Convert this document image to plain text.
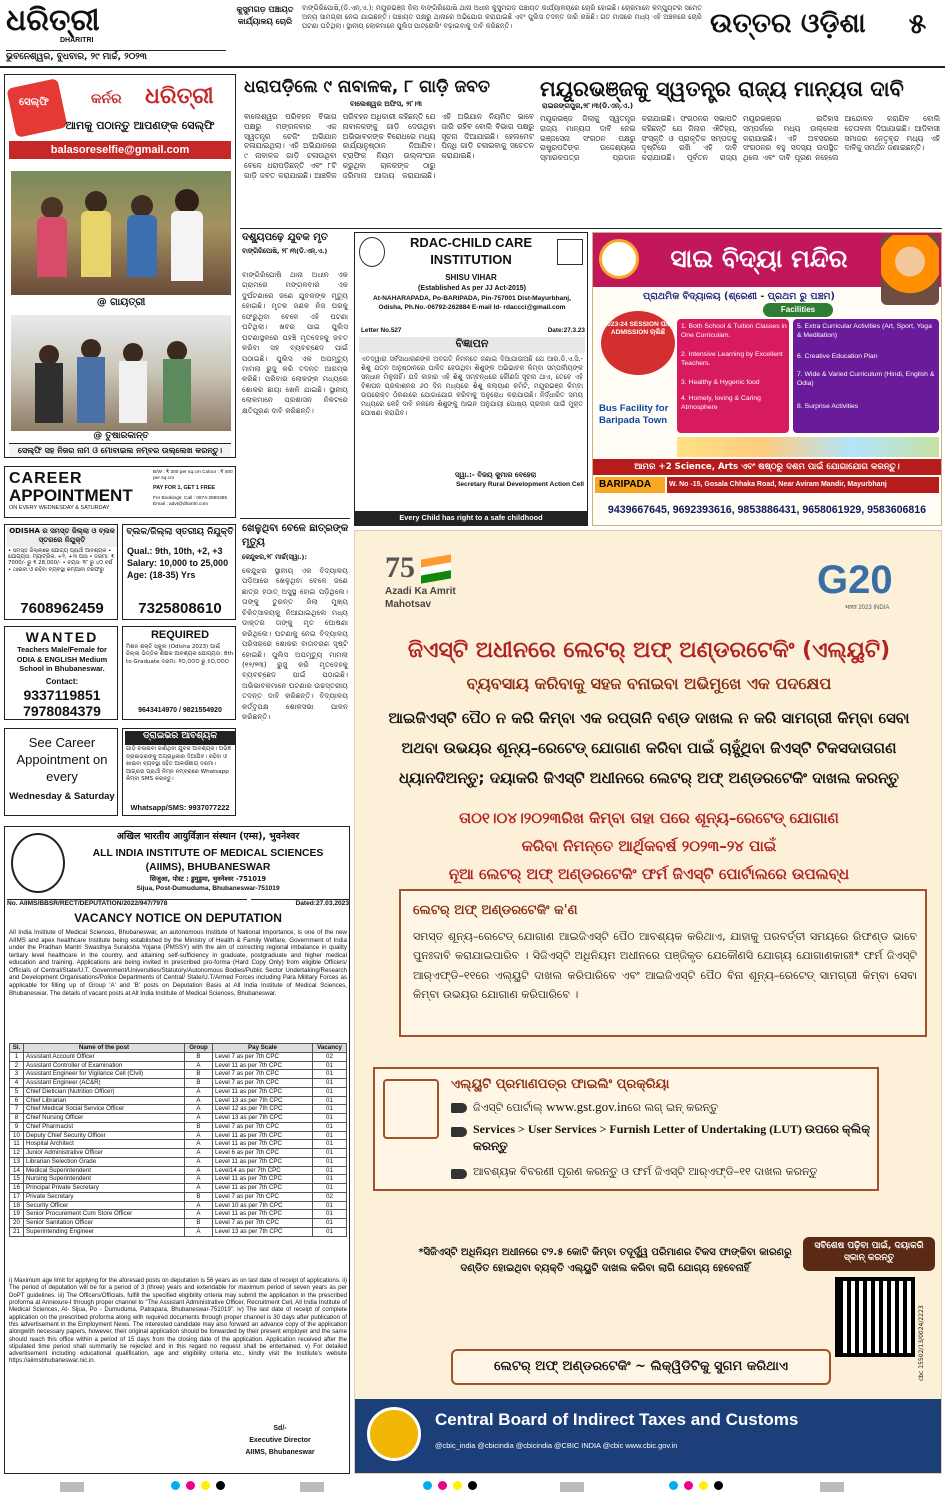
ଧରିତ୍ରୀ
DHARITRI
ଭୁବନେଶ୍ୱର, ବୁଧବାର, ୨୯ ମାର୍ଚ୍ଚ, ୨୦୨୩
କୁସୁମଗଡ଼ ପଞ୍ଚାୟତ କାର୍ଯ୍ୟାଳୟ ଚୋରି
ବାଙ୍ଗିରିପୋଷି,(ଡି.ଏନ୍.ଏ.): ମୟୂରଭଞ୍ଜ ଜିଲା ବାଙ୍ଗିରିପୋଷି ଥାନା ଅଧୀନ କୁସୁମଗଡ଼ ପଞ୍ଚାୟତ କାର୍ଯ୍ୟାଳୟରେ ଚୋରି ହୋଇଛି। ଚୋରମାନେ କମ୍ପ୍ୟୁଟର ସମେତ ଅନ୍ୟ ସାମଗ୍ରୀ ନେଇ ଯାଇଛନ୍ତି। ପଞ୍ଚାୟତ ପକ୍ଷରୁ ଥାନାରେ ଅଭିଯୋଗ କରାଯାଇଛି ଏବଂ ପୁଲିସ ତଦନ୍ତ ଜାରି ରଖିଛି। ଗତ ମାସରେ ମଧ୍ୟ ଏହି ଅଞ୍ଚଳରେ ଚୋରି ଘଟଣା ଘଟିଥିଲା। ସ୍ଥାନୀୟ ଲୋକମାନେ ପୁଲିସ ପାଟ୍ରୋଲିଂ ବଢ଼ାଇବାକୁ ଦାବି କରିଛନ୍ତି।	ଉତ୍ତର ଓଡ଼ିଶା	୫
ସେଲ୍ଫି	କର୍ନର	ଧରିତ୍ରୀ
ଆମକୁ ପଠାନ୍ତୁ ଆପଣଙ୍କ ସେଲ୍ଫି
balasoreselfie@gmail.com
@ ଗାୟତ୍ରୀ
@ ତୁଷାରକାନ୍ତ
ସେଲ୍ଫି ସହ ନିଜର ନାମ ଓ ମୋବାଇଲ ନମ୍ବର ଉଲ୍ଲେଖ କରନ୍ତୁ।
CAREER
APPOINTMENT
ON EVERY WEDNESDAY & SATURDAY
B/W : ₹ 300 per sq.cm Colour : ₹ 400 per sq.cm
PAY FOR 1, GET 1 FREE
For Bookings: Call : 0674-2580385 Email : advt@dharitri.com
ODISHA ର ସମସ୍ତ ଜିଲ୍ଲା ଓ ବ୍ଲକ ସ୍ତରରେ ନିଯୁକ୍ତି
• ସମସ୍ତ ଜିଲ୍ଲାରେ ଯୋଗ୍ୟ ପ୍ରାର୍ଥୀ ଆବଶ୍ୟକ • ଯୋଗ୍ୟତା: ମ୍ୟାଟ୍ରିକ, +୨, +୩ ପାସ • ଦରମା: ₹ 7000/- ରୁ ₹ 28,000/- • ବୟସ: ୧୮ ରୁ ୪୦ ବର୍ଷ • ଥାଇବା ଓ ରହିବା ବ୍ୟବସ୍ଥା କମ୍ପାନୀ ତରଫରୁ
7608962459
ବ୍ଲକ/ଜିଲ୍ଲା ସ୍ତରୀୟ ନିଯୁକ୍ତି
Qual.: 9th, 10th, +2, +3 Salary: 10,000 to 25,000 Age: (18-35) Yrs
7325808610
WANTED
Teachers Male/Female for ODIA & ENGLISH Medium School in Bhubaneswar.
Contact:
9337119851
7978084379
REQUIRED
ମିଶନ ଶକ୍ତି ସ୍କୁଲ (Odisha 2023) ପାଇଁ ଜିଲ୍ଲା ଭିତ୍ତିକ ଶିକ୍ଷକ ଆବଶ୍ୟକ ଯୋଗ୍ୟତା: 8th to Graduate ଦରମା: ୧୦,୦୦୦ ରୁ ୫୦,୦୦୦
9643414970 / 9821554920
See Career Appointment on every
Wednesday & Saturday
ଡ୍ରାଇଭର ଆବଶ୍ୟକ
ଗାଡ଼ି ଚଳାଇବା ଜାଣିଥିବା ଯୁବକ ଆବଶ୍ୟକ। ଅଭିଜ୍ଞ ଡ୍ରାଇଭରଙ୍କୁ ଅଗ୍ରାଧିକାର ଦିଆଯିବ। ରହିବା ଓ ଖାଇବା ବ୍ୟବସ୍ଥା ସହିତ ଆକର୍ଷଣୀୟ ଦରମା। ଆଗ୍ରହୀ ପ୍ରାର୍ଥୀ ନିମ୍ନ ନମ୍ବରରେ Whatsapp କିମ୍ବା SMS କରନ୍ତୁ।
Whatsapp/SMS: 9937077222
ଧରାପଡ଼ିଲେ ୯ ନାବାଳକ, ୮ ଗାଡ଼ି ଜବତ
ବାଲେଶ୍ୱର ଅଫିସ, ୨୮।୩
ବାଲେଶ୍ୱର ପରିବହନ ବିଭାଗ ପକ୍ଷରୁ ମଙ୍ଗଳବାର ଏକ ସ୍ୱତନ୍ତ୍ର ଚେକିଂ ଅଭିଯାନ ଚଳାଯାଇଥିଲା। ଏହି ଅଭିଯାନରେ ୯ ନାବାଳକ ଗାଡ଼ି ଚଳାଉଥିବା ବେଳେ ଧରାପଡ଼ିଛନ୍ତି ଏବଂ ୮ଟି ଗାଡ଼ି ଜବତ କରାଯାଇଛି। ଆଞ୍ଚଳିକ ପରିବହନ ଅଧିକାରୀ କହିଛନ୍ତି ଯେ ନାବାଳକଙ୍କୁ ଗାଡ଼ି ଦେଉଥିବା ଅଭିଭାବକଙ୍କ ବିରୋଧରେ ମଧ୍ୟ କାର୍ଯ୍ୟାନୁଷ୍ଠାନ ନିଆଯିବ। ଟ୍ରାଫିକ ନିୟମ ଉଲ୍ଲଂଘନ କରୁଥିବା ଚାଳକଙ୍କ ଠାରୁ ଜରିମାନା ଆଦାୟ କରାଯାଇଛି। ଏହି ଅଭିଯାନ ନିୟମିତ ଭାବେ ଜାରି ରହିବ ବୋଲି ବିଭାଗ ପକ୍ଷରୁ ସୂଚନା ଦିଆଯାଇଛି। ହେଲମେଟ ପିନ୍ଧି ଗାଡ଼ି ଚଳାଇବାକୁ ସଚେତନ କରାଯାଇଛି।
ମୟୂରଭଞ୍ଜକୁ ସ୍ୱତନ୍ତ୍ର ରାଜ୍ୟ ମାନ୍ୟତା ଦାବି
ରାଇରଙ୍ଗପୁର,୨୮।୩(ଡି.ଏନ୍.ଏ.)
ମୟୂରଭଞ୍ଜ ଜିଲାକୁ ସ୍ୱତନ୍ତ୍ର ରାଜ୍ୟ ମାନ୍ୟତା ଦାବି ନେଇ ଭଞ୍ଜସେନା ସଂଗଠନ ପକ୍ଷରୁ ରାଷ୍ଟ୍ରପତିଙ୍କ ଉଦ୍ଦେଶ୍ୟରେ ସ୍ମାରକପତ୍ର ପ୍ରଦାନ କରାଯାଇଛି। ସଂଗଠନର ସଭାପତି କହିଛନ୍ତି ଯେ ଜିଲାର ଐତିହ୍ୟ, ସଂସ୍କୃତି ଓ ପ୍ରାକୃତିକ ସମ୍ପଦକୁ ଦୃଷ୍ଟିରେ ରଖି ଏହି ଦାବି କରାଯାଉଛି। ପୂର୍ବତନ ରାଜ୍ୟ ମୟୂରଭଞ୍ଜର ଇତିହାସ ସମ୍ପର୍କରେ ମଧ୍ୟ ଉଲ୍ଲେଖ କରାଯାଇଛି। ଏହି ଅବସରରେ ସଂଗଠନର ବହୁ ସଦସ୍ୟ ଉପସ୍ଥିତ ଥିଲେ ଏବଂ ଦାବି ପୂରଣ ନହେଲେ ଆନ୍ଦୋଳନ କରାଯିବ ବୋଲି ଚେତାବନୀ ଦିଆଯାଇଛି। ଆଦିବାସୀ ସମାଜର ନେତୃବୃନ୍ଦ ମଧ୍ୟ ଏହି ଦାବିକୁ ସମର୍ଥନ ଜଣାଇଛନ୍ତି।
ଦଶ୍ୟୁପଢ଼େ ଯୁବକ ମୃତ
ବାଙ୍ଗିରିପୋଷି, ୨୮।୩(ଡି.ଏନ୍.ଏ.)
ବାଙ୍ଗିରିପୋଷି ଥାନା ଅଧୀନ ଏକ ଗ୍ରାମରେ ମଙ୍ଗଳବାର ଏକ ଦୁର୍ଘଟଣାରେ ଜଣେ ଯୁବକଙ୍କ ମୃତ୍ୟୁ ହୋଇଛି। ମୃତକ ଜଣକ ନିଜ ଘରକୁ ଫେରୁଥିବା ବେଳେ ଏହି ଘଟଣା ଘଟିଥିଲା। ଖବର ପାଇ ପୁଲିସ ଘଟଣାସ୍ଥଳରେ ପହଞ୍ଚି ମୃତଦେହକୁ ଜବତ କରିବା ସହ ବ୍ୟବଚ୍ଛେଦ ପାଇଁ ପଠାଇଛି। ପୁଲିସ ଏକ ଅପମୃତ୍ୟୁ ମାମଲା ରୁଜୁ କରି ତଦନ୍ତ ଆରମ୍ଭ କରିଛି। ପରିବାର ଲୋକଙ୍କ ମଧ୍ୟରେ ଶୋକର ଛାୟା ଖେଳି ଯାଇଛି। ସ୍ଥାନୀୟ ଲୋକମାନେ ପ୍ରଶାସନ ନିକଟରେ କ୍ଷତିପୂରଣ ଦାବି କରିଛନ୍ତି।
ଖେଳୁଥିବା ବେଳେ ଛାତ୍ରଙ୍କ ମୃତ୍ୟୁ
କେନ୍ଦୁଝର,୨୮ ମାର୍ଚ୍ଚ(ସ୍ୱା.):
କେନ୍ଦୁଝର ସ୍ଥାନୀୟ ଏକ ବିଦ୍ୟାଳୟ ପଡ଼ିଆରେ ଖେଳୁଥିବା ବେଳେ ଜଣେ ଛାତ୍ର ହଠାତ୍ ଅସୁସ୍ଥ ହୋଇ ପଡ଼ିଥିଲେ। ତାଙ୍କୁ ତୁରନ୍ତ ଜିଲା ମୁଖ୍ୟ ଚିକିତ୍ସାଳୟକୁ ନିଆଯାଇଥିଲେ ମଧ୍ୟ ଡାକ୍ତର ତାଙ୍କୁ ମୃତ ଘୋଷଣା କରିଥିଲେ। ଘଟଣାକୁ ନେଇ ବିଦ୍ୟାଳୟ ପରିସରରେ ଶୋକର ବାତାବରଣ ସୃଷ୍ଟି ହୋଇଛି। ପୁଲିସ ଅପମୃତ୍ୟୁ ମାମଲା (୧୨/୨୩) ରୁଜୁ କରି ମୃତଦେହକୁ ବ୍ୟବଚ୍ଛେଦ ପାଇଁ ପଠାଇଛି। ଅଭିଭାବକମାନେ ଘଟଣାର ଉଚ୍ଚସ୍ତରୀୟ ତଦନ୍ତ ଦାବି କରିଛନ୍ତି। ବିଦ୍ୟାଳୟ କର୍ତ୍ତୃପକ୍ଷ ଶୋକସଭା ପାଳନ କରିଛନ୍ତି।
RDAC-CHILD CARE INSTITUTION
SHISU VIHAR
(Established As per JJ Act-2015)
At-NAHARAPADA, Po-BARIPADA, Pin-757001 Dist-Mayurbhanj, Odisha, Ph.No.-06792-262884 E-mail Id- rdaccci@gmail.com
Letter No.527	Date:27.3.23
ବିଜ୍ଞାପନ
ଏତଦ୍ୱାରା ସର୍ବସାଧାରଣଙ୍କ ଅବଗତି ନିମନ୍ତେ ଜଣାଇ ଦିଆଯାଉଅଛି ଯେ ଆର.ଡି.ଏ.ସି.-ଶିଶୁ ଯତ୍ନ ଅନୁଷ୍ଠାନରେ ପାଳିତ ହେଉଥିବା ଶିଶୁଙ୍କ ଅଭିଭାବକ କିମ୍ବା ସମ୍ପର୍କୀୟଙ୍କ ସନ୍ଧାନ ମିଳୁନାହିଁ। ଯଦି କାହାର ଏହି ଶିଶୁ ସମ୍ବନ୍ଧରେ କୌଣସି ସୂଚନା ଥାଏ, ତେବେ ଏହି ବିଜ୍ଞାପନ ପ୍ରକାଶନର ୬୦ ଦିନ ମଧ୍ୟରେ ଶିଶୁ କଲ୍ୟାଣ କମିଟି, ମୟୂରଭଞ୍ଜ କିମ୍ବା ଉପରୋକ୍ତ ଠିକଣାରେ ଯୋଗାଯୋଗ କରିବାକୁ ଅନୁରୋଧ କରାଯାଉଛି। ନିର୍ଦ୍ଧାରିତ ସମୟ ମଧ୍ୟରେ କେହି ଦାବି ନକଲେ ଶିଶୁଙ୍କୁ ଆଇନ ଅନୁଯାୟୀ ପୋଷ୍ୟ ପ୍ରଦାନ ପାଇଁ ମୁକ୍ତ ଘୋଷଣା କରାଯିବ।
ସ୍ୱା.:- ବିଜୟ କୁମାର ବେହେରା
Secretary Rural Development Action Cell
Every Child has right to a safe childhood
ସାଇ ବିଦ୍ୟା ମନ୍ଦିର
ପ୍ରାଥମିକ ବିଦ୍ୟାଳୟ (ଶ୍ରେଣୀ - ପ୍ରଥମ ରୁ ପଞ୍ଚମ)
2023-24 SESSION ପାଇଁ ADMISSION ଚାଲିଛି
Facilities
1. Both School & Tuition Classes in One Curriculam.
2. Intensive Learning by Excellent Teachers.
3. Healthy & Hygenic food
4. Homely, loving & Caring Atmosphere
5. Extra Curricular Activities (Art, Sport, Yoga & Meditation)
6. Creative Education Plan
7. Wide & Varied Curriculum (Hindi, English & Odia)
8. Surprise Activities
Bus Facility for Baripada Town
ଆମର +2 Science, Arts ଏବଂ ଷଷ୍ଠରୁ ଦଶମ ପାଇଁ ଯୋଗାଯୋଗ କରନ୍ତୁ।
BARIPADA	W. No -15, Gosala Chhaka Road, Near Aviram Mandir, Mayurbhanj
9439667645, 9692393616, 9853886431, 9658061929, 9583606816
75
Azadi Ka Amrit Mahotsav
G20
भारत 2023 INDIA
ଜିଏସ୍‌ଟି ଅଧୀନରେ ଲେଟର୍ ଅଫ୍ ଅଣ୍ଡରଟେକିଂ (ଏଲ୍‌ୟୁଟି)
ବ୍ୟବସାୟ କରିବାକୁ ସହଜ ବନାଇବା ଅଭିମୁଖେ ଏକ ପଦକ୍ଷେପ
ଆଇଜିଏସ୍‌ଟି ପୈଠ ନ କରି କିମ୍ବା ଏକ ରପ୍ତାନି ବଣ୍ଡ ଦାଖଲ ନ କରି ସାମଗ୍ରୀ କିମ୍ବା ସେବା
ଅଥବା ଉଭୟର ଶୂନ୍ୟ–ରେଟେଡ୍ ଯୋଗାଣ କରିବା ପାଇଁ ଚାହୁଁଥିବା ଜିଏସ୍‌ଟି ଟିକସଦାତାଗଣ
ଧ୍ୟାନଦିଅନ୍ତୁ; ଦୟାକରି ଜିଏସ୍‌ଟି ଅଧୀନରେ ଲେଟର୍ ଅଫ୍ ଅଣ୍ଡରଟେକିଂ ଦାଖଲ କରନ୍ତୁ
ତା୦୧।୦୪।୨୦୨୩ରିଖ କିମ୍ବା ତାହା ପରେ ଶୂନ୍ୟ–ରେଟେଡ୍ ଯୋଗାଣ
କରିବା ନିମନ୍ତେ ଆର୍ଥିକବର୍ଷ ୨୦୨୩–୨୪ ପାଇଁ
ନୂଆ ଲେଟର୍ ଅଫ୍ ଅଣ୍ଡରଟେକିଂ ଫର୍ମ ଜିଏସ୍‌ଟି ପୋର୍ଟାଲରେ ଉପଲବ୍ଧ
ଲେଟର୍ ଅଫ୍ ଅଣ୍ଡରଟେକିଂ କ'ଣ
ସମସ୍ତ ଶୂନ୍ୟ–ରେଟେଡ୍ ଯୋଗାଣ ଆଇଜିଏସ୍‌ଟି ପୈଠ ଆବଶ୍ୟକ କରିଥାଏ, ଯାହାକୁ ପରବର୍ତ୍ତୀ ସମୟରେ ରିଫଣ୍ଡ ଭାବେ ପୁନଃଦାବି କରାଯାଇପାରିବ । ସିଜିଏସ୍‌ଟି ଅଧିନିୟମ ଅଧୀନରେ ପଞ୍ଜିକୃତ ଯେକୌଣସି ଯୋଗ୍ୟ ଯୋଗାଣକାରୀ* ଫର୍ମ ଜିଏସ୍‌ଟି ଆର୍‌ଏଫ୍‌ଡି–୧୧ରେ ଏଲ୍‌ୟୁଟି ଦାଖଲ କରିପାରିବେ ଏବଂ ଆଇଜିଏସ୍‌ଟି ପୈଠ ବିନା ଶୂନ୍ୟ–ରେଟେଡ୍ ସାମଗ୍ରୀ କିମ୍ବା ସେବା କିମ୍ବା ଉଭୟର ଯୋଗାଣ କରିପାରିବେ ।
ଏଲ୍‌ୟୁଟି ପ୍ରମାଣପତ୍ର ଫାଇଲିଂ ପ୍ରକ୍ରିୟା
ଜିଏସ୍‌ଟି ପୋର୍ଟାଲ୍ www.gst.gov.inରେ ଲଗ୍ ଇନ୍ କରନ୍ତୁ
Services > User Services > Furnish Letter of Undertaking (LUT) ଉପରେ କ୍ଲିକ୍ କରନ୍ତୁ
ଆବଶ୍ୟକ ବିବରଣୀ ପୂରଣ କରନ୍ତୁ ଓ ଫର୍ମ ଜିଏସ୍‌ଟି ଆର୍‌ଏଫ୍‌ଡି–୧୧ ଦାଖଲ କରନ୍ତୁ
ସବିଶେଷ ପଢ଼ିବା ପାଇଁ, ଦୟାକରି ସ୍କାନ୍ କରନ୍ତୁ
*ସିଜିଏସ୍‌ଟି ଅଧିନିୟମ ଅଧୀନରେ ଟ୨.୫ କୋଟି କିମ୍ବା ତଦୂର୍ଦ୍ଧ୍ୱ ପରିମାଣର ଟିକସ ଫାଙ୍କିବା କାରଣରୁ ଦଣ୍ଡିତ ହୋଇଥିବା ବ୍ୟକ୍ତି ଏଲ୍‌ୟୁଟି ଦାଖଲ କରିବା ଲାଗି ଯୋଗ୍ୟ ହେବେନାହିଁ
ଲେଟର୍ ଅଫ୍ ଅଣ୍ଡରଟେକିଂ ~ ଲିକ୍ୱିଡିଟିକୁ ସୁଗମ କରିଥାଏ	cbc 15502/13/0024/2223
Central Board of Indirect Taxes and Customs
@cbic_india @cbicindia @cbicindia @CBIC INDIA @cbic www.cbic.gov.in
अखिल भारतीय आयुर्विज्ञान संस्थान (एम्स), भुवनेश्वर
ALL INDIA INSTITUTE OF MEDICAL SCIENCES
(AIIMS), BHUBANESWAR
सिजुआ, पोस्ट : डुमुडुमा, भुवनेश्वर -751019
Sijua, Post-Dumuduma, Bhubaneswar-751019
No. AIIMS/BBSR/RECT/DEPUTATION/2022/947/7978	Dated:27.03.2023
VACANCY NOTICE ON DEPUTATION
All India Institute of Medical Sciences, Bhubaneswar, an autonomous Institute of National Importance, is one of the new AIIMS and apex healthcare Institute being established by the Ministry of Health & Family Welfare, Government of India under the Pradhan Mantri Swasthya Suraksha Yojana (PMSSY) with the aim of correcting regional imbalance in quality tertiary level healthcare in the country, and attaining self-sufficiency in graduate, postgraduate and higher medical education and training. Applications are being invited in prescribed pro-forma (Hard Copy Only) from eligible Officers/ Officials of Central/State/U.T. Government/Universities/Statutory/Autonomous Bodies/Public Sector Undertaking/Research and Development Organisations/Police Departments of Central/ State/U.T/Armed Forces including Para Military Forces as applicable for filling up of Group 'A' and 'B' posts on Deputation Basis at All India Institute of Medical Sciences, Bhubaneswar. The details of vacant posts at All India Institute of Medical Sciences, Bhubaneswar.
Sl.	Name of the post	Group	Pay Scale	Vacancy
1	Assistant Account Officer	B	Level 7 as per 7th CPC	02
2	Assistant Controller of Examination	A	Level 11 as per 7th CPC	01
3	Assistant Engineer for Vigilance Cell (Civil)	B	Level 7 as per 7th CPC	01
4	Assistant Engineer (AC&R)	B	Level 7 as per 7th CPC	01
5	Chief Dietician (Nutrition Officer)	A	Level 11 as per 7th CPC	01
6	Chief Librarian	A	Level 13 as per 7th CPC	01
7	Chief Medical Social Service Officer	A	Level 12 as per 7th CPC	01
8	Chief Nursing Officer	A	Level 13 as per 7th CPC	01
9	Chief Pharmacist	B	Level 7 as per 7th CPC	01
10	Deputy Chief Security Officer	A	Level 11 as per 7th CPC	01
11	Hospital Architect	A	Level 11 as per 7th CPC	01
12	Junior Administrative Officer	A	Level 6 as per 7th CPC	01
13	Librarian Selection Grade	A	Level 11 as per 7th CPC	01
14	Medical Superintendent	A	Level14 as per 7th CPC	01
15	Nursing Superintendent	A	Level 11 as per 7th CPC	01
16	Principal Private Secretary	A	Level 11 as per 7th CPC	01
17	Private Secretary	B	Level 7 as per 7th CPC	02
18	Security Officer	A	Level 10 as per 7th CPC	01
19	Senior Procurement Cum Store Officer	A	Level 11 as per 7th CPC	01
20	Senior Sanitation Officer	B	Level 7 as per 7th CPC	01
21	Superintending Engineer	A	Level 13 as per 7th CPC	01
i) Maximum age limit for applying for the aforesaid posts on deputation is 56 years as on last date of receipt of applications. ii) The period of deputation will be for a period of 3 (three) years and extendable for maximum period of seven years as per DoPT guidelines. iii) The Officers/Officials, fulfill the specified eligibility criteria may submit the application in the prescribed proforma at Annexure-I through proper channel to "The Assistant Administrative Officer, Recruitment Cell, All India Institute of Medical Sciences, At- Sijua, Po - Dumuduma, Patrapara, Bhubaneswar-751019". iv) The last date of receipt of complete application on the prescribed proforma along with required documents through proper channel is 30 days after publication of this advertisement in the Employment News. The interested candidate may also forward an advance copy of the application alongwith necessary papers, however, their original application should be forwarded by their present employer and the same should reach this office within a period of 15 days from the closing date of the application. Application received after the stipulated time period shall summarily be rejected and in this regard no request shall be entertained. v) For detailed advertisement including educational qualification, age and eligibility criteria etc., kindly visit the Institute's website https://aiimsbhubaneswar.nic.in.
Sd/-
Executive Director
AIIMS, Bhubaneswar
